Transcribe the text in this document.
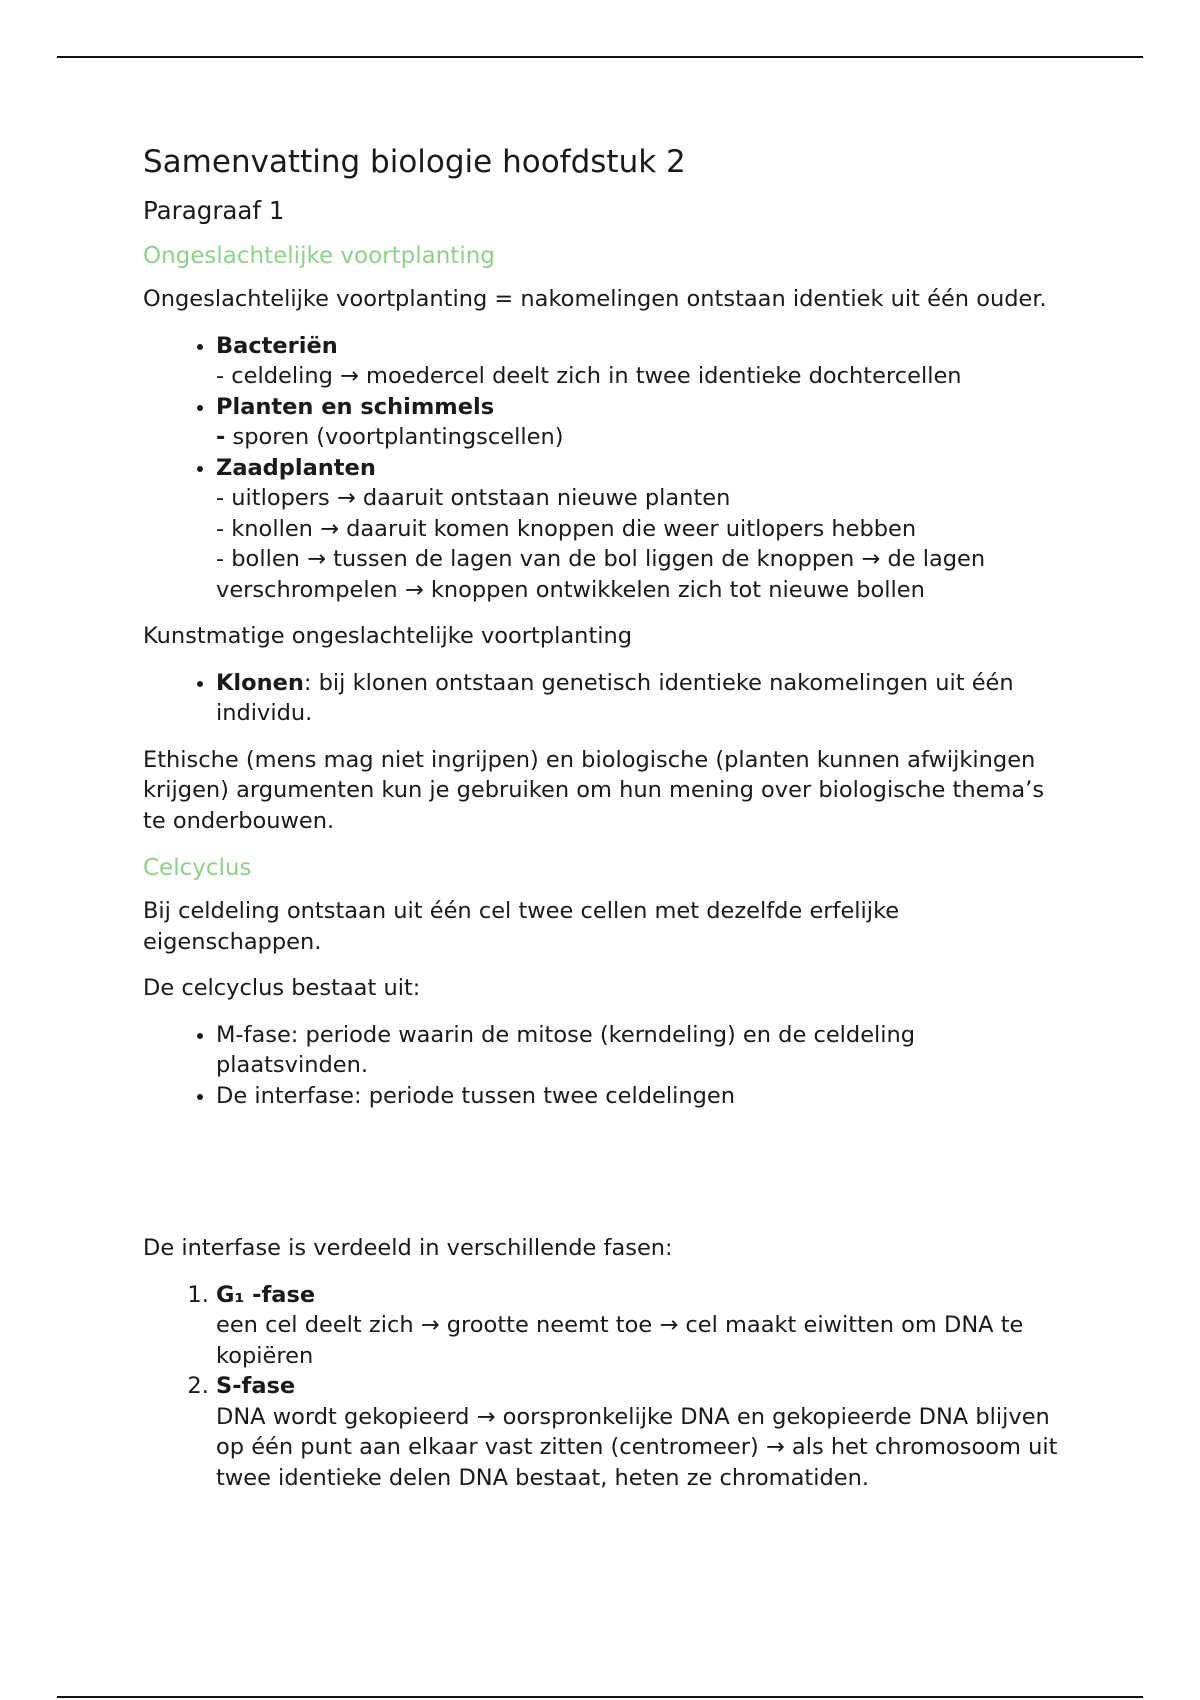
Samenvatting biologie hoofdstuk 2
Paragraaf 1
Ongeslachtelijke voortplanting

Ongeslachtelijke voortplanting = nakomelingen ontstaan identiek uit één ouder.

• Bacteriën
- celdeling → moedercel deelt zich in twee identieke dochtercellen
• Planten en schimmels
- sporen (voortplantingscellen)
• Zaadplanten
- uitlopers → daaruit ontstaan nieuwe planten
- knollen → daaruit komen knoppen die weer uitlopers hebben
- bollen → tussen de lagen van de bol liggen de knoppen → de lagen verschrompelen → knoppen ontwikkelen zich tot nieuwe bollen

Kunstmatige ongeslachtelijke voortplanting

• Klonen: bij klonen ontstaan genetisch identieke nakomelingen uit één individu.

Ethische (mens mag niet ingrijpen) en biologische (planten kunnen afwijkingen krijgen) argumenten kun je gebruiken om hun mening over biologische thema’s te onderbouwen.

Celcyclus

Bij celdeling ontstaan uit één cel twee cellen met dezelfde erfelijke eigenschappen.

De celcyclus bestaat uit:

• M-fase: periode waarin de mitose (kerndeling) en de celdeling plaatsvinden.
• De interfase: periode tussen twee celdelingen

De interfase is verdeeld in verschillende fasen:

1. G₁ -fase
een cel deelt zich → grootte neemt toe → cel maakt eiwitten om DNA te kopiëren
2. S-fase
DNA wordt gekopieerd → oorspronkelijke DNA en gekopieerde DNA blijven op één punt aan elkaar vast zitten (centromeer) → als het chromosoom uit twee identieke delen DNA bestaat, heten ze chromatiden.
